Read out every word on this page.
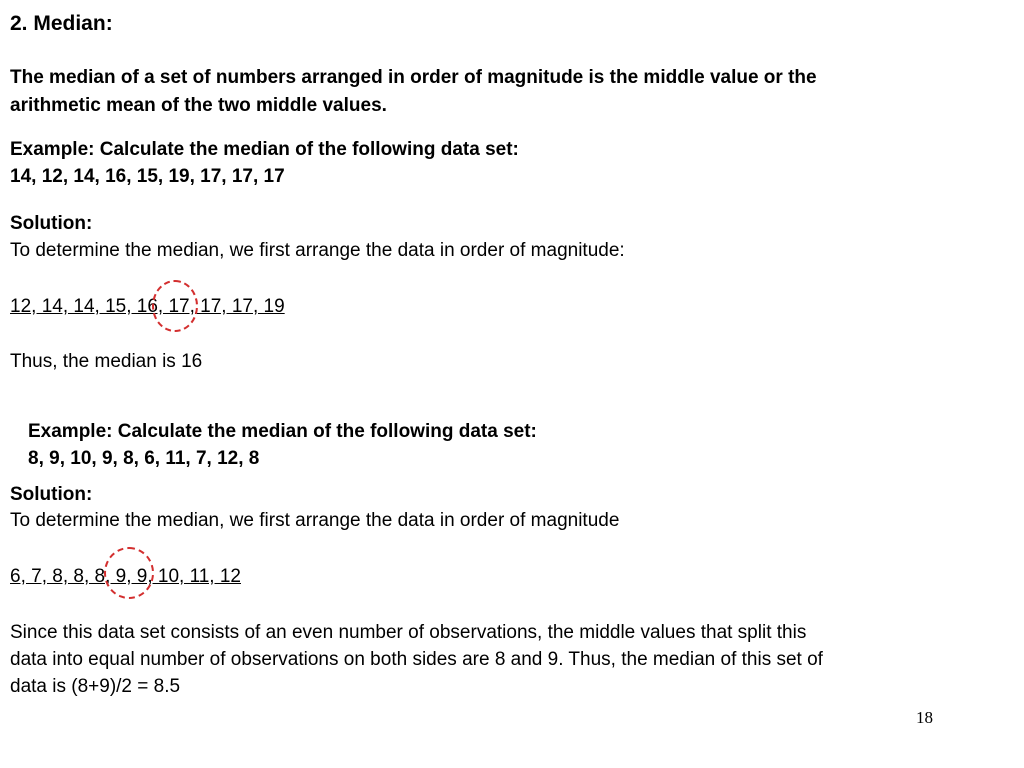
2. Median:
The median of a set of numbers arranged in order of magnitude is the middle value or the
arithmetic mean of the two middle values.
Example: Calculate the median of the following data set:
14, 12, 14, 16, 15, 19, 17, 17, 17
Solution:
To determine the median, we first arrange the data in order of magnitude:
12, 14, 14, 15, 16, 17, 17, 17, 19
Thus, the median is 16
Example: Calculate the median of the following data set:
8, 9, 10, 9, 8, 6, 11, 7, 12, 8
Solution:
To determine the median, we first arrange the data in order of magnitude
6, 7, 8, 8, 8, 9, 9, 10, 11, 12
Since this data set consists of an even number of observations, the middle values that split this
data into equal number of observations on both sides are 8 and 9. Thus, the median of this set of
data is (8+9)/2 = 8.5
18
